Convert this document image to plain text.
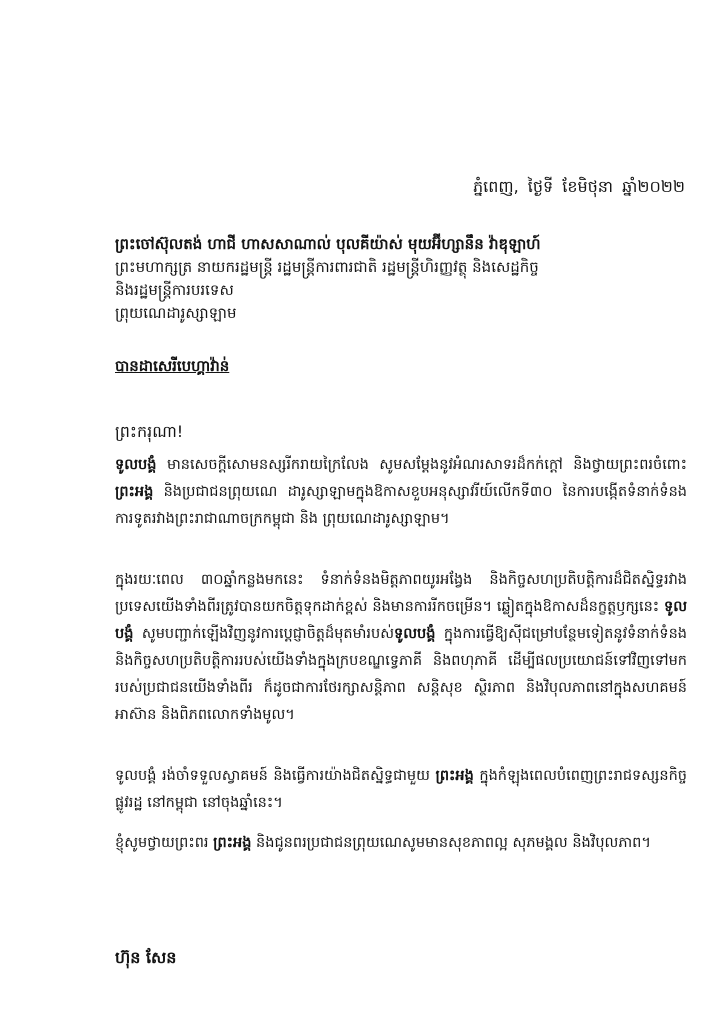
ភ្នំពេញ, ថ្ងៃទី ខែមិថុនា ឆ្នាំ២០២២
ព្រះចៅស៊ុលតង់ ហាជី ហាសសាណាល់ បុលគីយ៉ាស់ មុយអ៊ីហ្សានឹន វ៉ាឌុឡាហ៍
ព្រះមហាក្សត្រ នាយករដ្ឋមន្ត្រី រដ្ឋមន្ត្រីការពារជាតិ រដ្ឋមន្ត្រីហិរញ្ញវត្ថុ និងសេដ្ឋកិច្ច
និងរដ្ឋមន្ត្រីការបរទេស
ព្រុយណេដារូស្សាឡាម
បានដាសេរីបេហ្គាវ៉ាន់
ព្រះករុណា!

ទូលបង្គំ មានសេចក្ដីសោមនស្សរីករាយក្រៃលែង សូមសម្ដែងនូវអំណរសាទរដ៏កក់ក្ដៅ និងថ្វាយព្រះពរចំពោះព្រះអង្គ និងប្រជាជនព្រុយណេ ដារូស្សាឡាមក្នុងឱកាសខួបអនុស្សាវរីយ៍លើកទី៣០ នៃការបង្កើតទំនាក់ទំនងការទូតរវាងព្រះរាជាណាចក្រកម្ពុជា និង ព្រុយណេដារូស្សាឡាម។

ក្នុងរយៈពេល ៣០ឆ្នាំកន្លងមកនេះ ទំនាក់ទំនងមិត្តភាពយូរអង្វែង និងកិច្ចសហប្រតិបត្តិការដ៏ជិតស្និទ្ធរវាងប្រទេសយើងទាំងពីរត្រូវបានយកចិត្តទុកដាក់ខ្ពស់ និងមានការរីកចម្រើន។ ឆ្លៀតក្នុងឱកាសដ៏នក្ខត្តឫក្សនេះ ទូលបង្គំ សូមបញ្ជាក់ឡើងវិញនូវការប្ដេជ្ញាចិត្តដ៏មុតមាំរបស់ទូលបង្គំ ក្នុងការធ្វើឱ្យស៊ីជម្រៅបន្ថែមទៀតនូវទំនាក់ទំនង និងកិច្ចសហប្រតិបត្តិការរបស់យើងទាំងក្នុងក្របខណ្ឌទ្វេភាគី និងពហុភាគី ដើម្បីផលប្រយោជន៍ទៅវិញទៅមករបស់ប្រជាជនយើងទាំងពីរ ក៏ដូចជាការថែរក្សាសន្តិភាព សន្តិសុខ ស្ថិរភាព និងវិបុលភាពនៅក្នុងសហគមន៍អាស៊ាន និងពិភពលោកទាំងមូល។

ទូលបង្គំ រង់ចាំទទួលស្វាគមន៍ និងធ្វើការយ៉ាងជិតស្និទ្ធជាមួយ ព្រះអង្គ ក្នុងកំឡុងពេលបំពេញព្រះរាជទស្សនកិច្ចផ្លូវរដ្ឋ នៅកម្ពុជា នៅចុងឆ្នាំនេះ។

ខ្ញុំសូមថ្វាយព្រះពរ ព្រះអង្គ និងជូនពរប្រជាជនព្រុយណេសូមមានសុខភាពល្អ សុភមង្គល និងវិបុលភាព។

ហ៊ុន សែន
